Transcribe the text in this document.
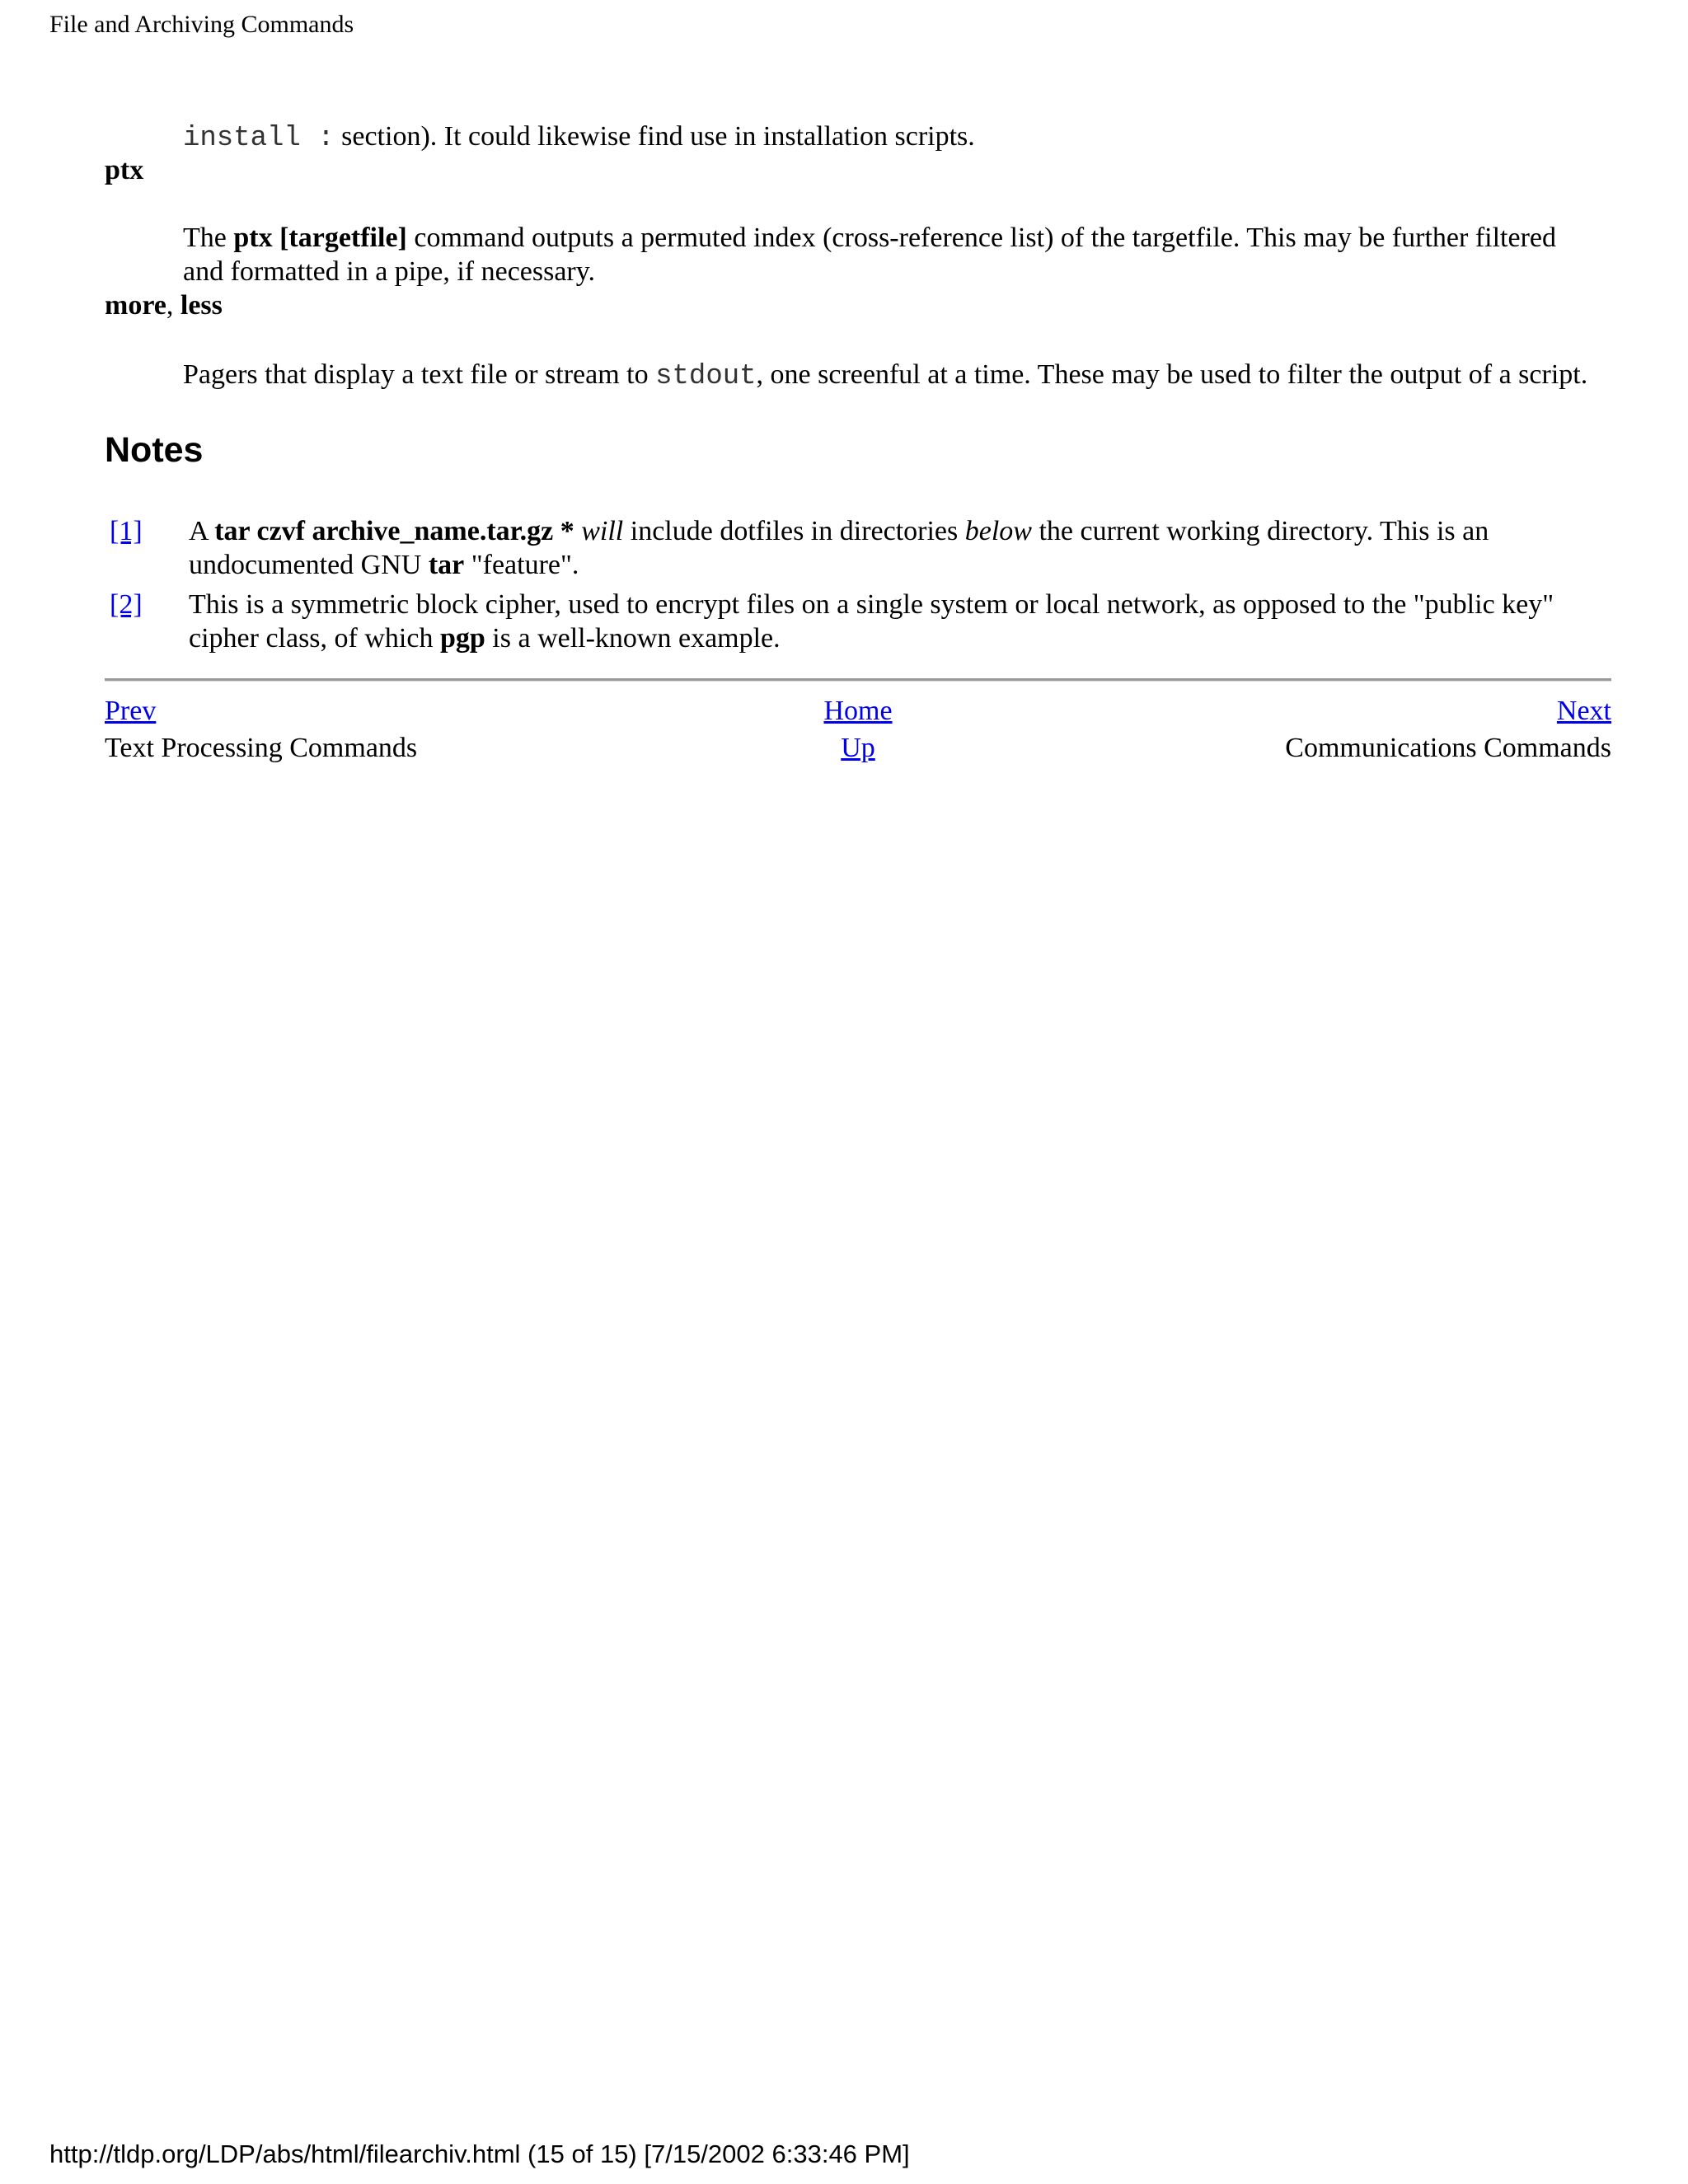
File and Archiving Commands
install : section). It could likewise find use in installation scripts.
ptx
The ptx [targetfile] command outputs a permuted index (cross-reference list) of the targetfile. This may be further filtered and formatted in a pipe, if necessary.
more, less
Pagers that display a text file or stream to stdout, one screenful at a time. These may be used to filter the output of a script.
Notes
[1] A tar czvf archive_name.tar.gz * will include dotfiles in directories below the current working directory. This is an undocumented GNU tar "feature".
[2] This is a symmetric block cipher, used to encrypt files on a single system or local network, as opposed to the "public key" cipher class, of which pgp is a well-known example.
Prev	Home	Next
Text Processing Commands	Up	Communications Commands
http://tldp.org/LDP/abs/html/filearchiv.html (15 of 15) [7/15/2002 6:33:46 PM]
